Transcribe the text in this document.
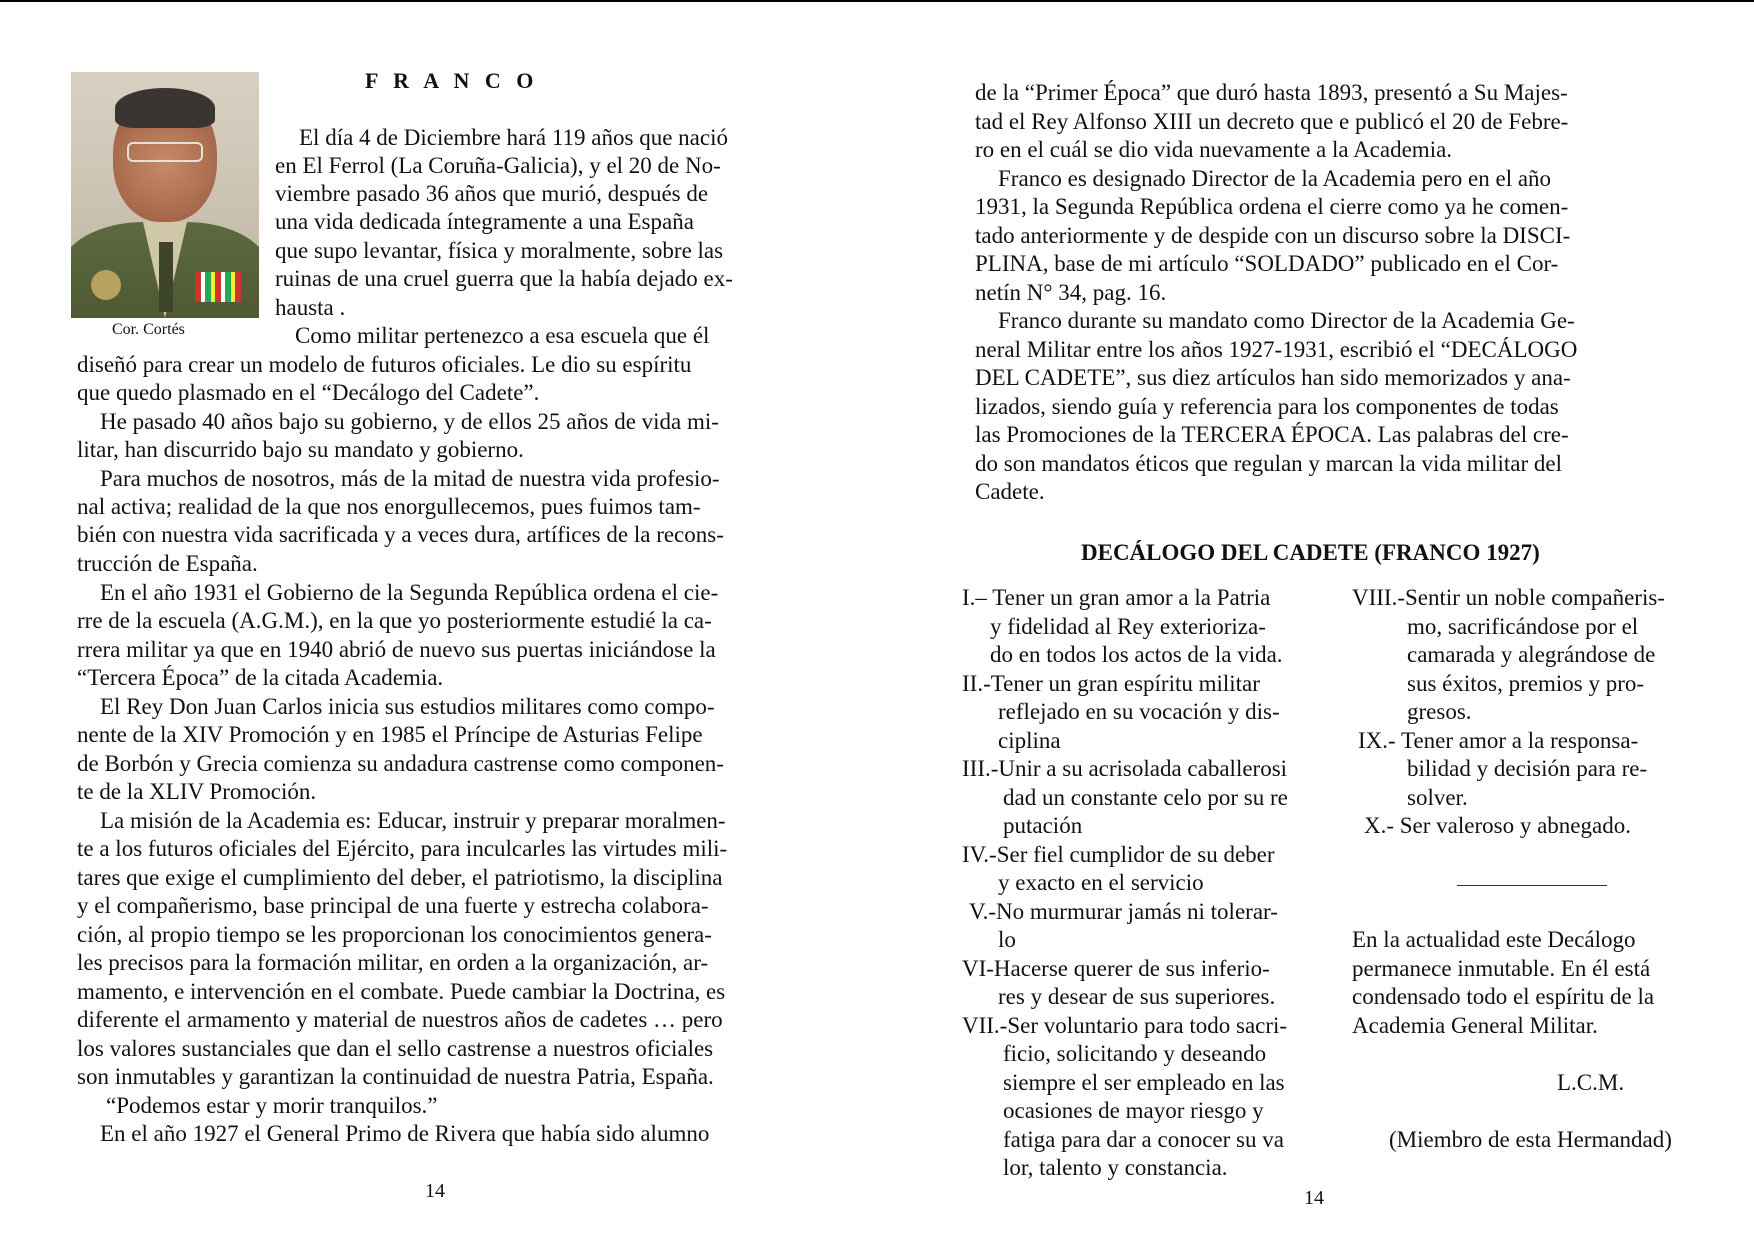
Cor. Cortés
F R A N C O
El día 4 de Diciembre hará 119 años que nació
en El Ferrol (La Coruña-Galicia), y el 20 de No-
viembre pasado 36 años que murió, después de
una vida dedicada íntegramente a una España
que supo levantar, física y moralmente, sobre las
ruinas de una cruel guerra que la había dejado ex-
hausta .
Como militar pertenezco a esa escuela que él
diseñó para crear un modelo de futuros oficiales. Le dio su espíritu
que quedo plasmado en el “Decálogo del Cadete”.
He pasado 40 años bajo su gobierno, y de ellos 25 años de vida mi-
litar, han discurrido bajo su mandato y gobierno.
Para muchos de nosotros, más de la mitad de nuestra vida profesio-
nal activa; realidad de la que nos enorgullecemos, pues fuimos tam-
bién con nuestra vida sacrificada y a veces dura, artífices de la recons-
trucción de España.
En el año 1931 el Gobierno de la Segunda República ordena el cie-
rre de la escuela (A.G.M.), en la que yo posteriormente estudié la ca-
rrera militar ya que en 1940 abrió de nuevo sus puertas iniciándose la
“Tercera Época” de la citada Academia.
El Rey Don Juan Carlos inicia sus estudios militares como compo-
nente de la XIV Promoción y en 1985 el Príncipe de Asturias Felipe
de Borbón y Grecia comienza su andadura castrense como componen-
te de la XLIV Promoción.
La misión de la Academia es: Educar, instruir y preparar moralmen-
te a los futuros oficiales del Ejército, para inculcarles las virtudes mili-
tares que exige el cumplimiento del deber, el patriotismo, la disciplina
y el compañerismo, base principal de una fuerte y estrecha colabora-
ción, al propio tiempo se les proporcionan los conocimientos genera-
les precisos para la formación militar, en orden a la organización, ar-
mamento, e intervención en el combate. Puede cambiar la Doctrina, es
diferente el armamento y material de nuestros años de cadetes … pero
los valores sustanciales que dan el sello castrense a nuestros oficiales
son inmutables y garantizan la continuidad de nuestra Patria, España.
“Podemos estar y morir tranquilos.”
En el año 1927 el General Primo de Rivera que había sido alumno
14
de la “Primer Época” que duró hasta 1893, presentó a Su Majes-
tad el Rey Alfonso XIII un decreto que e publicó el 20 de Febre-
ro en el cuál se dio vida nuevamente a la Academia.
Franco es designado Director de la Academia pero en el año
1931, la Segunda República ordena el cierre como ya he comen-
tado anteriormente y de despide con un discurso sobre la DISCI-
PLINA, base de mi artículo “SOLDADO” publicado en el Cor-
netín N° 34, pag. 16.
Franco durante su mandato como Director de la Academia Ge-
neral Militar entre los años 1927-1931, escribió el “DECÁLOGO
DEL CADETE”, sus diez artículos han sido memorizados y ana-
lizados, siendo guía y referencia para los componentes de todas
las Promociones de la TERCERA ÉPOCA. Las palabras del cre-
do son mandatos éticos que regulan y marcan la vida militar del
Cadete.
I.– Tener un gran amor a la Patria
y fidelidad al Rey exterioriza-
do en todos los actos de la vida.
II.-Tener un gran espíritu militar
reflejado en su vocación y dis-
ciplina
III.-Unir a su acrisolada caballerosi
dad un constante celo por su re
putación
IV.-Ser fiel cumplidor de su deber
y exacto en el servicio
V.-No murmurar jamás ni tolerar-
lo
VI-Hacerse querer de sus inferio-
res y desear de sus superiores.
VII.-Ser voluntario para todo sacri-
ficio, solicitando y deseando
siempre el ser empleado en las
ocasiones de mayor riesgo y
fatiga para dar a conocer su va
lor, talento y constancia.
VIII.-Sentir un noble compañeris-
mo, sacrificándose por el
camarada y alegrándose de
sus éxitos, premios y pro-
gresos.
IX.- Tener amor a la responsa-
bilidad y decisión para re-
solver.
X.- Ser valeroso y abnegado.
En la actualidad este Decálogo
permanece inmutable. En él está
condensado todo el espíritu de la
Academia General Militar.
L.C.M.
(Miembro de esta Hermandad)
14
DECÁLOGO DEL CADETE (FRANCO 1927)
